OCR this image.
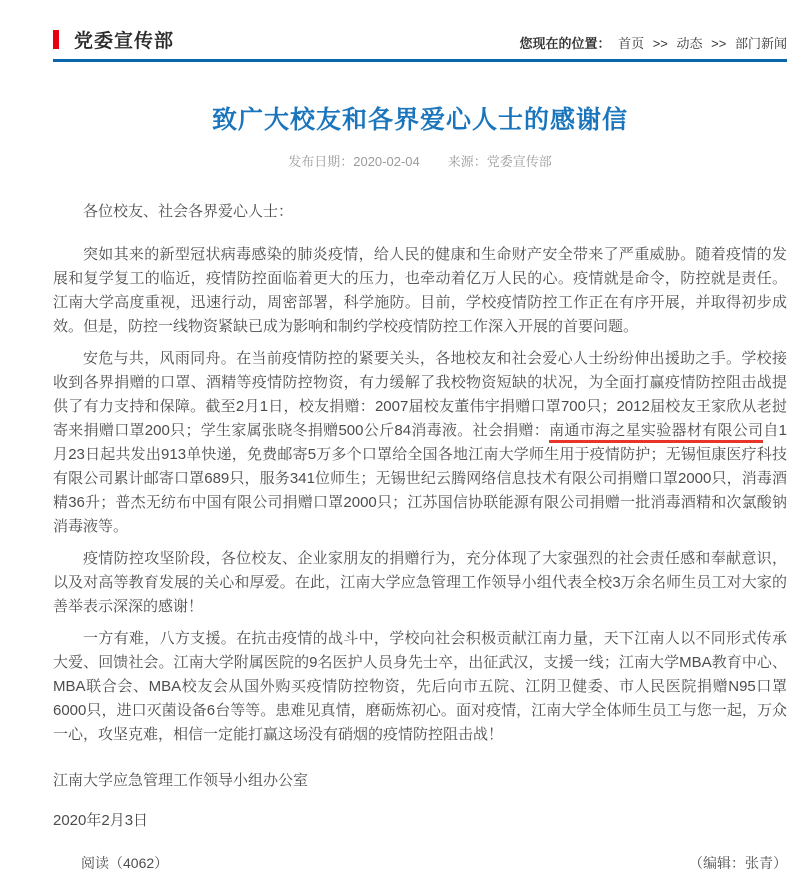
党委宣传部	您现在的位置： 首页 >> 动态 >> 部门新闻
致广大校友和各界爱心人士的感谢信
发布日期：2020-02-04 来源：党委宣传部

各位校友、社会各界爱心人士：

突如其来的新型冠状病毒感染的肺炎疫情，给人民的健康和生命财产安全带来了严重威胁。随着疫情的发展和复学复工的临近，疫情防控面临着更大的压力，也牵动着亿万人民的心。疫情就是命令，防控就是责任。江南大学高度重视，迅速行动，周密部署，科学施防。目前，学校疫情防控工作正在有序开展，并取得初步成效。但是，防控一线物资紧缺已成为影响和制约学校疫情防控工作深入开展的首要问题。

安危与共，风雨同舟。在当前疫情防控的紧要关头，各地校友和社会爱心人士纷纷伸出援助之手。学校接收到各界捐赠的口罩、酒精等疫情防控物资，有力缓解了我校物资短缺的状况，为全面打赢疫情防控阻击战提供了有力支持和保障。截至2月1日，校友捐赠：2007届校友董伟宇捐赠口罩700只；2012届校友王家欣从老挝寄来捐赠口罩200只；学生家属张晓冬捐赠500公斤84消毒液。社会捐赠：南通市海之星实验器材有限公司自1月23日起共发出913单快递，免费邮寄5万多个口罩给全国各地江南大学师生用于疫情防护；无锡恒康医疗科技有限公司累计邮寄口罩689只，服务341位师生；无锡世纪云腾网络信息技术有限公司捐赠口罩2000只，消毒酒精36升；普杰无纺布中国有限公司捐赠口罩2000只；江苏国信协联能源有限公司捐赠一批消毒酒精和次氯酸钠消毒液等。

疫情防控攻坚阶段，各位校友、企业家朋友的捐赠行为，充分体现了大家强烈的社会责任感和奉献意识，以及对高等教育发展的关心和厚爱。在此，江南大学应急管理工作领导小组代表全校3万余名师生员工对大家的善举表示深深的感谢！

一方有难，八方支援。在抗击疫情的战斗中，学校向社会积极贡献江南力量，天下江南人以不同形式传承大爱、回馈社会。江南大学附属医院的9名医护人员身先士卒，出征武汉，支援一线；江南大学MBA教育中心、MBA联合会、MBA校友会从国外购买疫情防控物资，先后向市五院、江阴卫健委、市人民医院捐赠N95口罩6000只，进口灭菌设备6台等等。患难见真情，磨砺炼初心。面对疫情，江南大学全体师生员工与您一起，万众一心，攻坚克难，相信一定能打赢这场没有硝烟的疫情防控阻击战！

江南大学应急管理工作领导小组办公室

2020年2月3日

阅读（4062）	（编辑：张青）
